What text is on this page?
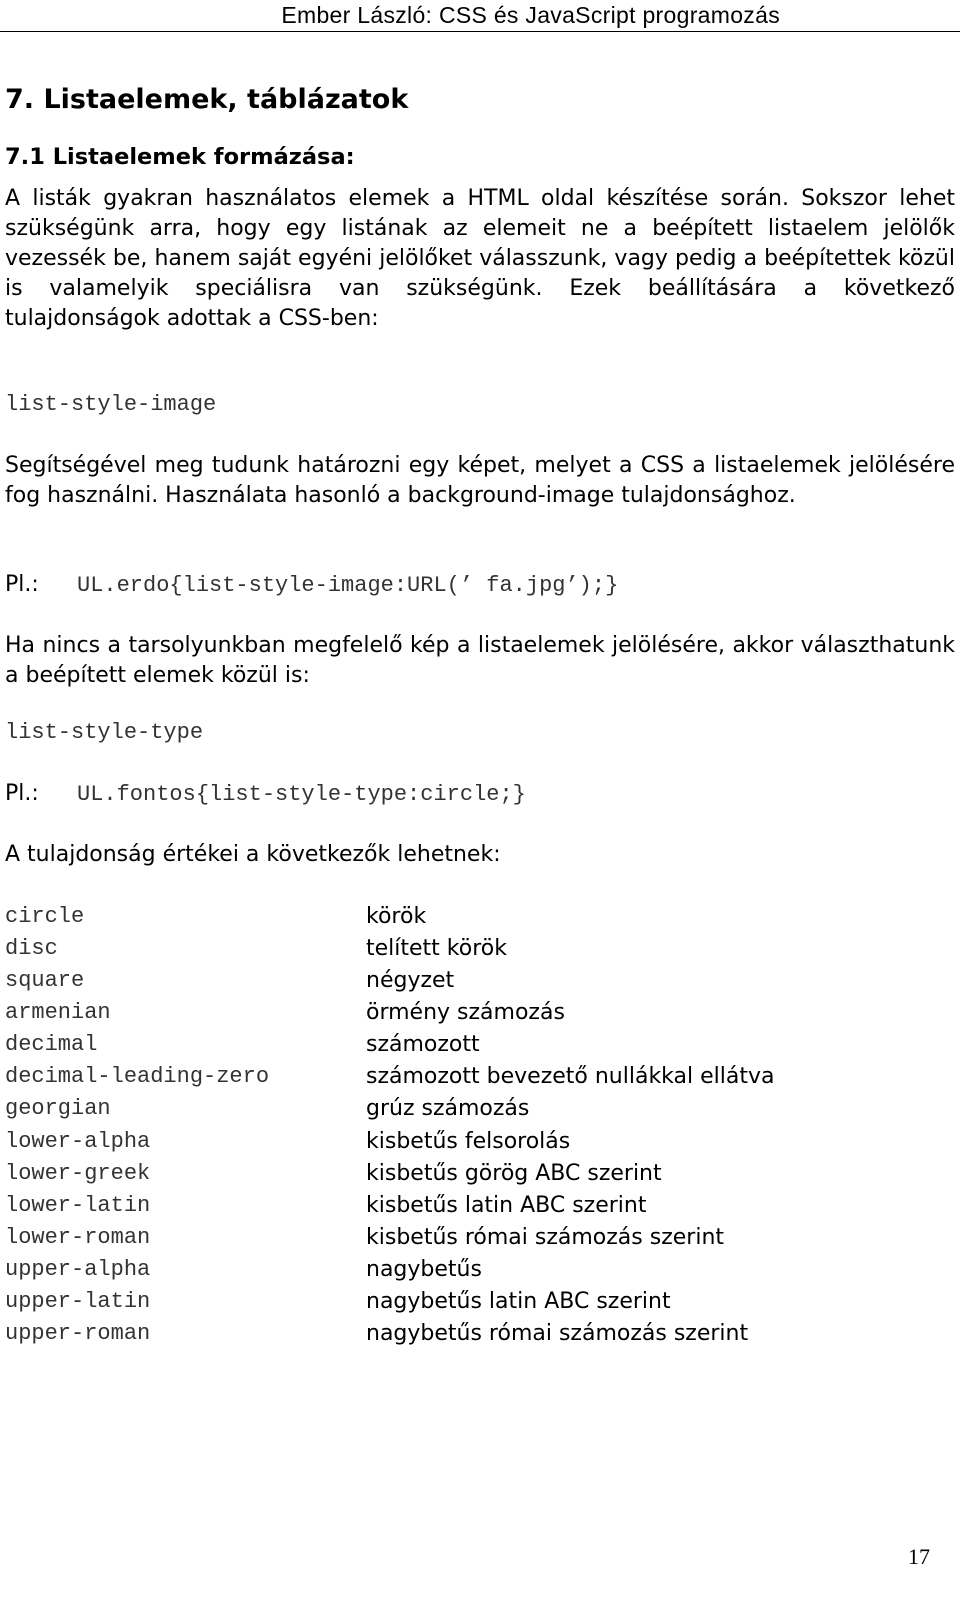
Ember László: CSS és JavaScript programozás
7. Listaelemek, táblázatok
7.1 Listaelemek formázása:

A listák gyakran használatos elemek a HTML oldal készítése során. Sokszor lehet szükségünk arra, hogy egy listának az elemeit ne a beépített listaelem jelölők vezessék be, hanem saját egyéni jelölőket válasszunk, vagy pedig a beépítettek közül is valamelyik speciálisra van szükségünk. Ezek beállítására a következő tulajdonságok adottak a CSS-ben:

list-style-image

Segítségével meg tudunk határozni egy képet, melyet a CSS a listaelemek jelölésére fog használni. Használata hasonló a background-image tulajdonsághoz.

Pl.: UL.erdo{list-style-image:URL(’ fa.jpg’);}

Ha nincs a tarsolyunkban megfelelő kép a listaelemek jelölésére, akkor választhatunk a beépített elemek közül is:

list-style-type
Pl.: UL.fontos{list-style-type:circle;}

A tulajdonság értékei a következők lehetnek:

circle	körök
disc	telített körök
square	négyzet
armenian	örmény számozás
decimal	számozott
decimal-leading-zero	számozott bevezető nullákkal ellátva
georgian	grúz számozás
lower-alpha	kisbetűs felsorolás
lower-greek	kisbetűs görög ABC szerint
lower-latin	kisbetűs latin ABC szerint
lower-roman	kisbetűs római számozás szerint
upper-alpha	nagybetűs
upper-latin	nagybetűs latin ABC szerint
upper-roman	nagybetűs római számozás szerint
17
